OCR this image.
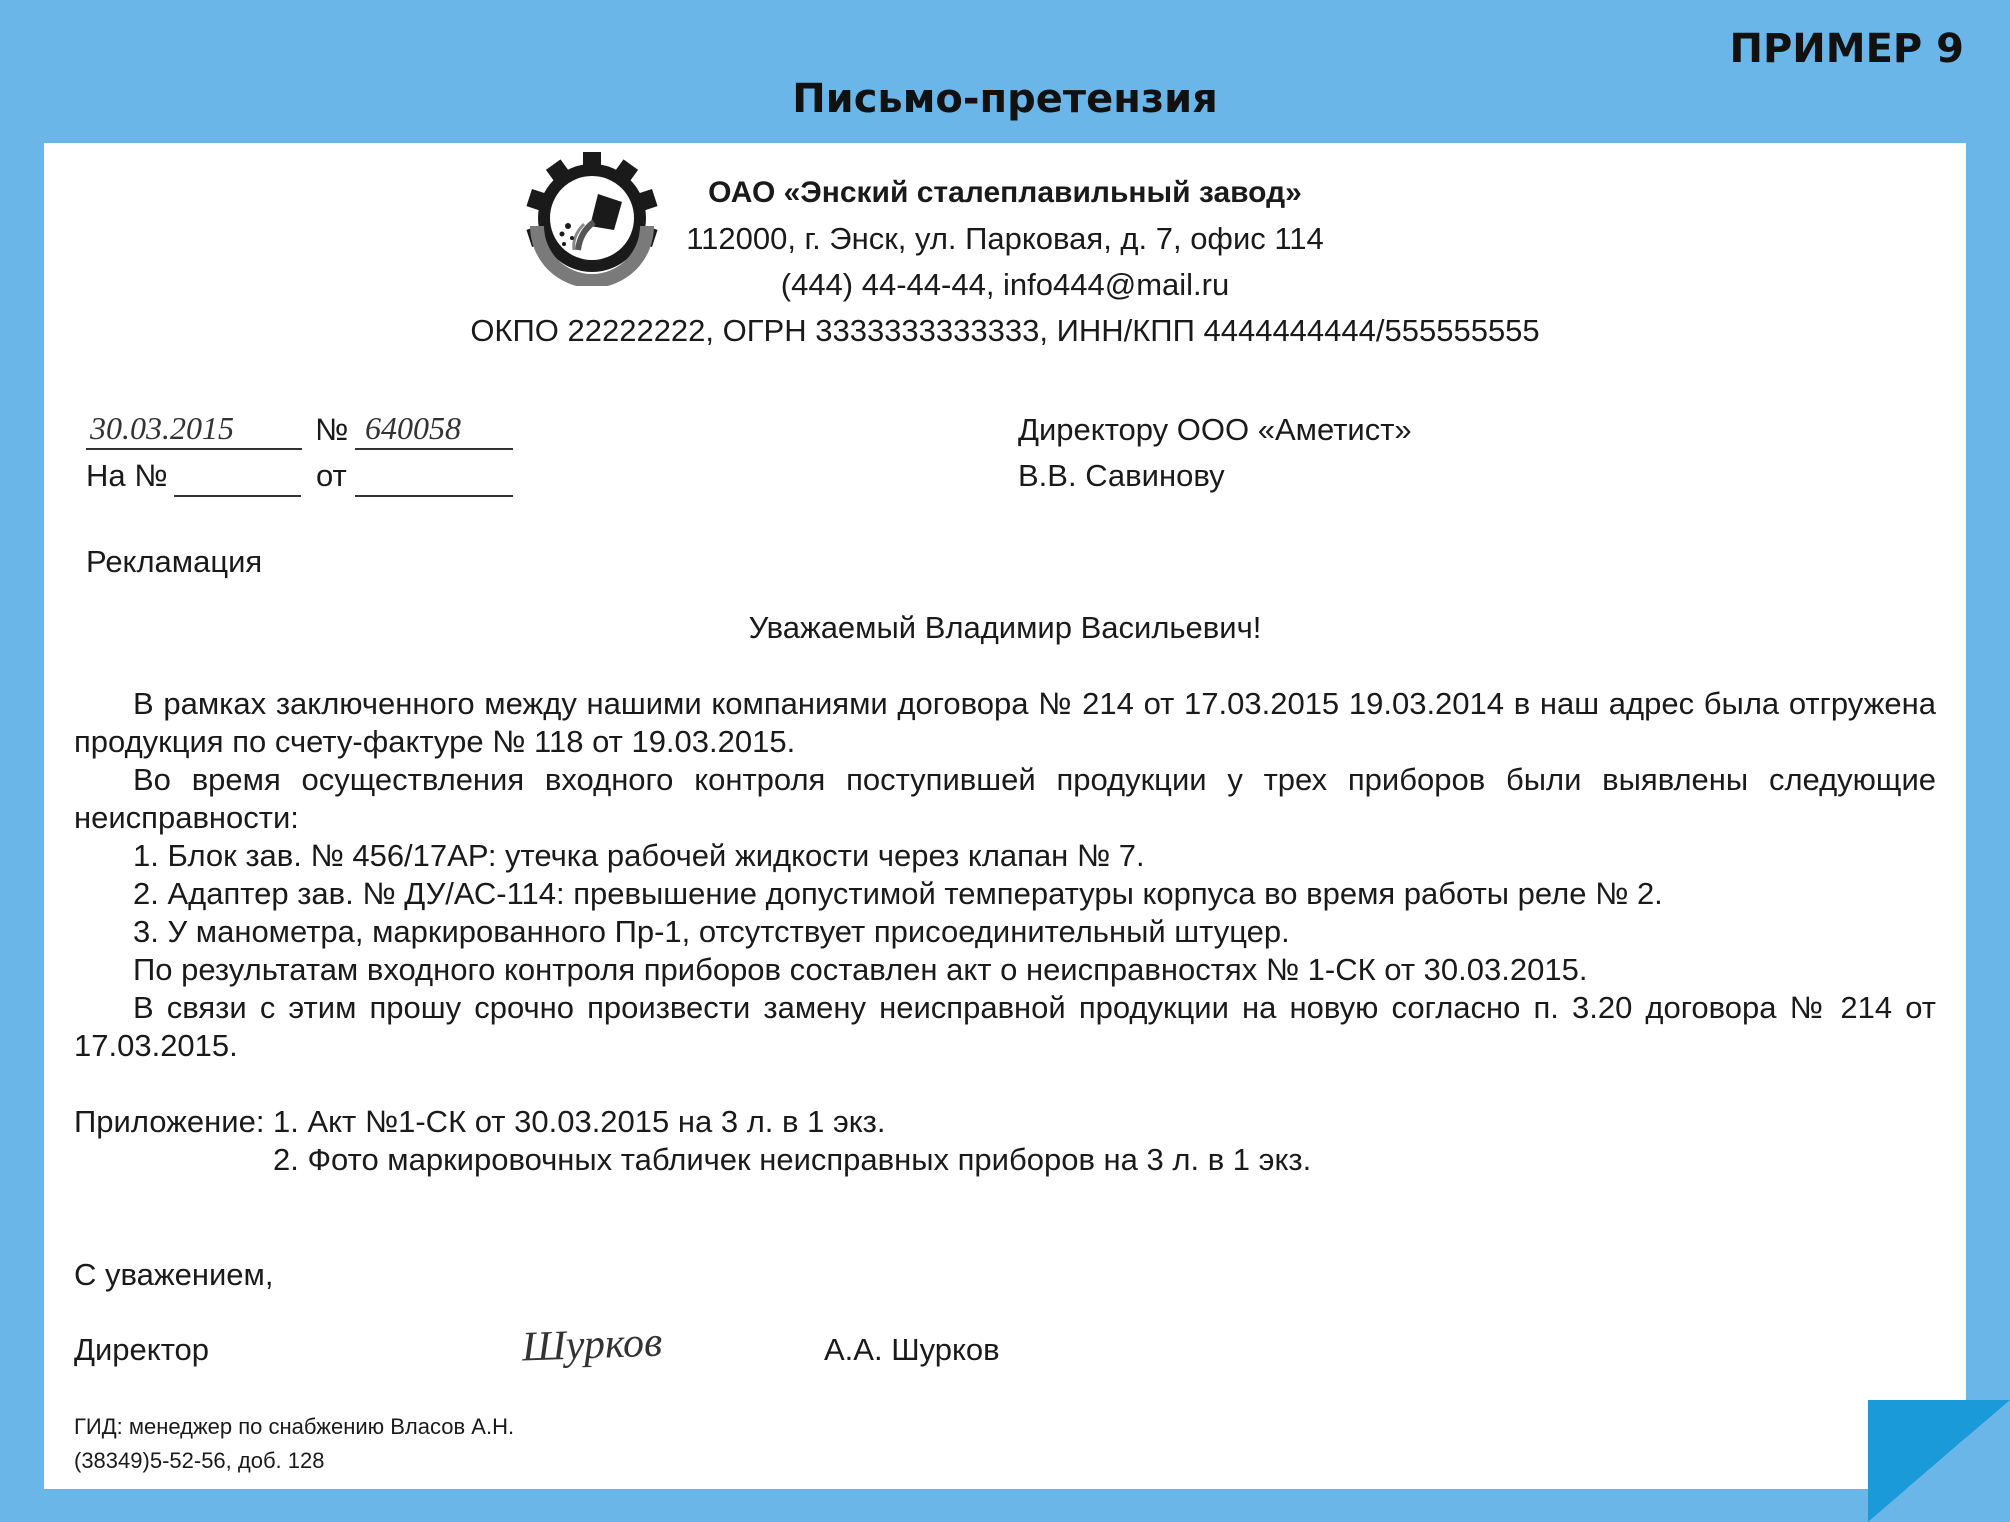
ПРИМЕР 9
Письмо-претензия
ОАО «Энский сталеплавильный завод»
112000, г. Энск, ул. Парковая, д. 7, офис 114
(444) 44-44-44, info444@mail.ru
ОКПО 22222222, ОГРН 3333333333333, ИНН/КПП 4444444444/555555555
30.03.2015	№ 640058
На №	от
Директору ООО «Аметист»
В.В. Савинову
Рекламация
Уважаемый Владимир Васильевич!
В рамках заключенного между нашими компаниями договора № 214 от 17.03.2015 19.03.2014 в наш адрес была отгружена продукция по счету-фактуре № 118 от 19.03.2015.
Во время осуществления входного контроля поступившей продукции у трех приборов были выявлены следующие неисправности:
1. Блок зав. № 456/17АР: утечка рабочей жидкости через клапан № 7.
2. Адаптер зав. № ДУ/АС-114: превышение допустимой температуры корпуса во время работы реле № 2.
3. У манометра, маркированного Пр-1, отсутствует присоединительный штуцер.
По результатам входного контроля приборов составлен акт о неисправностях № 1-СК от 30.03.2015.
В связи с этим прошу срочно произвести замену неисправной продукции на новую согласно п. 3.20 договора № 214 от 17.03.2015.
Приложение: 1. Акт №1-СК от 30.03.2015 на 3 л. в 1 экз.
2. Фото маркировочных табличек неисправных приборов на 3 л. в 1 экз.
С уважением,
Директор	Шурков	А.А. Шурков
ГИД: менеджер по снабжению Власов А.Н.
(38349)5-52-56, доб. 128
